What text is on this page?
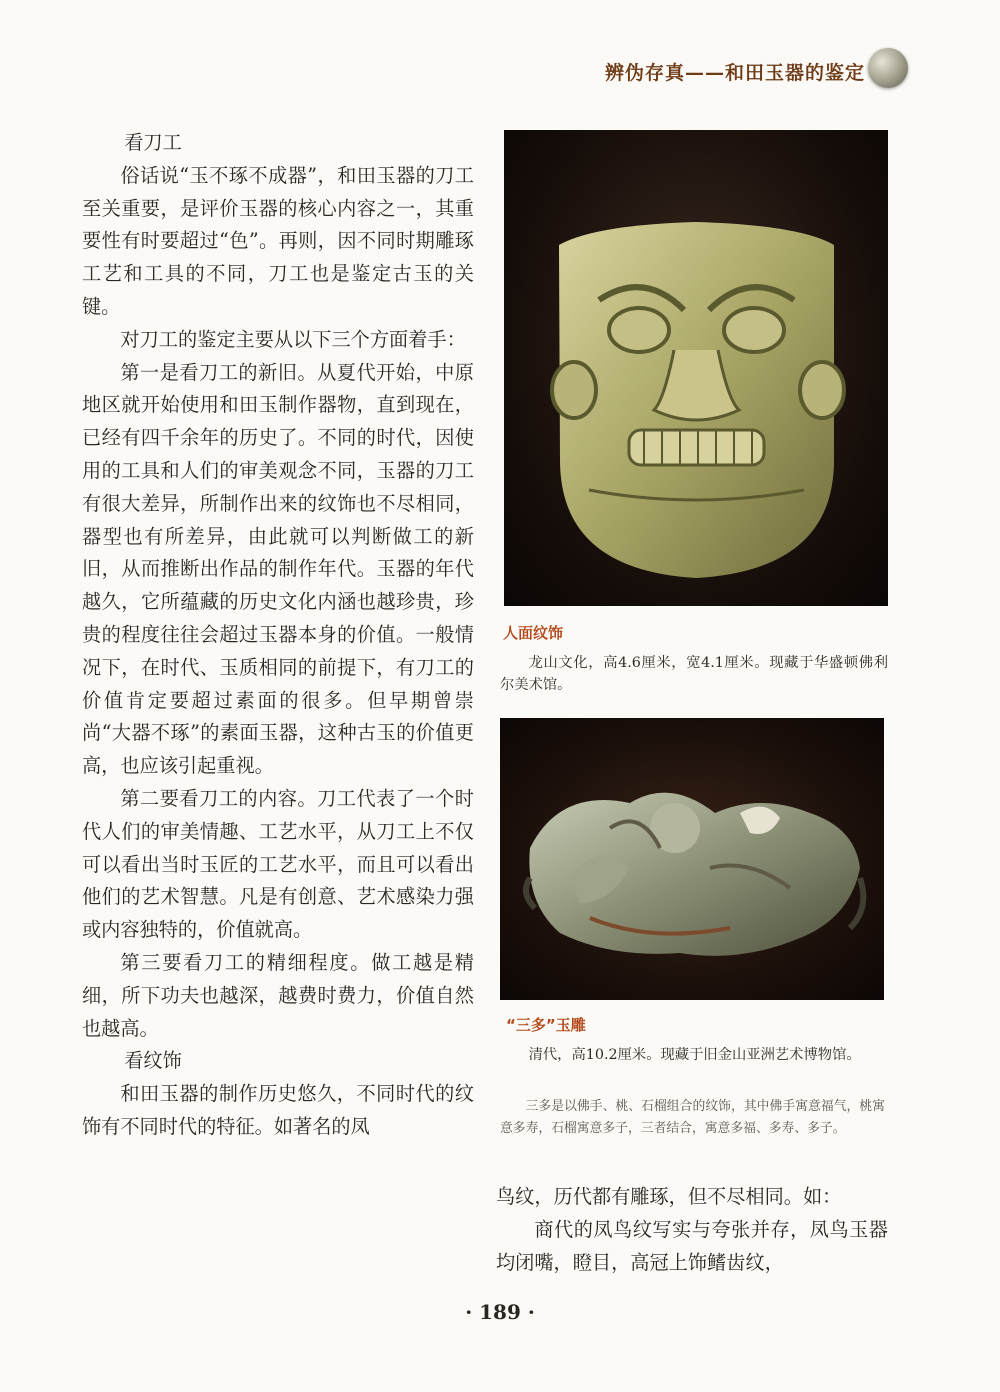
辨伪存真——和田玉器的鉴定

看刀工

俗话说“玉不琢不成器”，和田玉器的刀工至关重要，是评价玉器的核心内容之一，其重要性有时要超过“色”。再则，因不同时期雕琢工艺和工具的不同，刀工也是鉴定古玉的关键。

对刀工的鉴定主要从以下三个方面着手：

第一是看刀工的新旧。从夏代开始，中原地区就开始使用和田玉制作器物，直到现在，已经有四千余年的历史了。不同的时代，因使用的工具和人们的审美观念不同，玉器的刀工有很大差异，所制作出来的纹饰也不尽相同，器型也有所差异，由此就可以判断做工的新旧，从而推断出作品的制作年代。玉器的年代越久，它所蕴藏的历史文化内涵也越珍贵，珍贵的程度往往会超过玉器本身的价值。一般情况下，在时代、玉质相同的前提下，有刀工的价值肯定要超过素面的很多。但早期曾崇尚“大器不琢”的素面玉器，这种古玉的价值更高，也应该引起重视。

第二要看刀工的内容。刀工代表了一个时代人们的审美情趣、工艺水平，从刀工上不仅可以看出当时玉匠的工艺水平，而且可以看出他们的艺术智慧。凡是有创意、艺术感染力强或内容独特的，价值就高。

第三要看刀工的精细程度。做工越是精细，所下功夫也越深，越费时费力，价值自然也越高。

看纹饰

和田玉器的制作历史悠久，不同时代的纹饰有不同时代的特征。如著名的凤

人面纹饰
龙山文化，高4.6厘米，宽4.1厘米。现藏于华盛顿佛利尔美术馆。
“三多”玉雕
清代，高10.2厘米。现藏于旧金山亚洲艺术博物馆。
三多是以佛手、桃、石榴组合的纹饰，其中佛手寓意福气，桃寓意多寿，石榴寓意多子，三者结合，寓意多福、多寿、多子。

鸟纹，历代都有雕琢，但不尽相同。如：

商代的凤鸟纹写实与夸张并存，凤鸟玉器均闭嘴，瞪目，高冠上饰鳍齿纹，

· 189 ·
